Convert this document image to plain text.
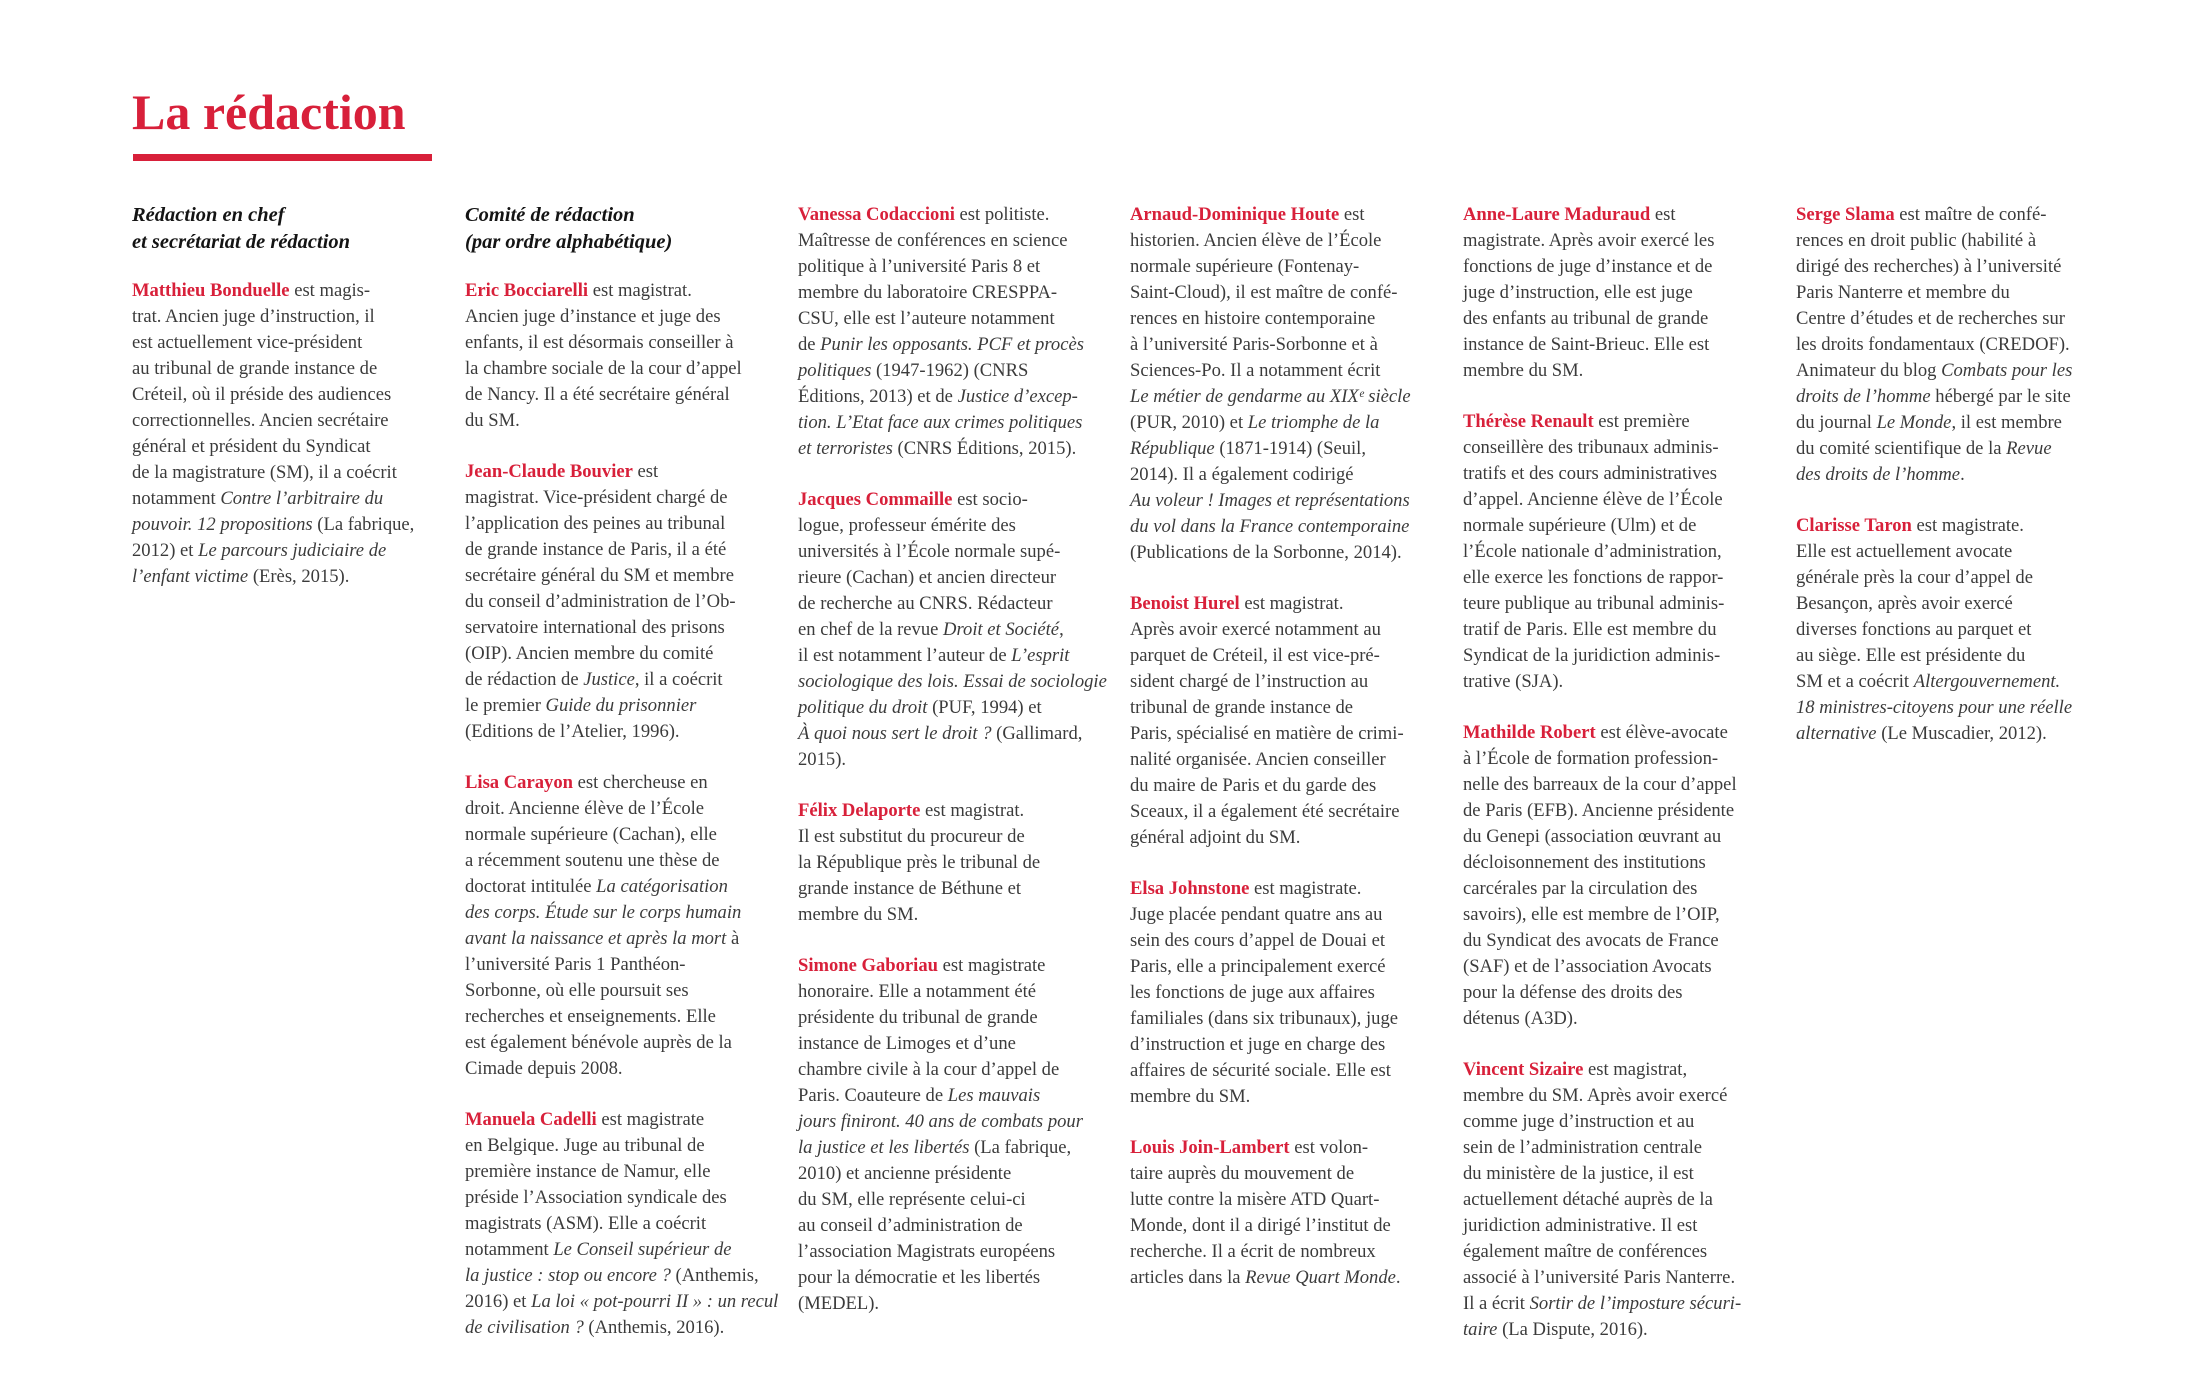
La rédaction
Rédaction en chef
et secrétariat de rédaction

Matthieu Bonduelle est magis-
trat. Ancien juge d’instruction, il
est actuellement vice-président
au tribunal de grande instance de
Créteil, où il préside des audiences
correctionnelles. Ancien secrétaire
général et président du Syndicat
de la magistrature (SM), il a coécrit
notamment Contre l’arbitraire du
pouvoir. 12 propositions (La fabrique,
2012) et Le parcours judiciaire de
l’enfant victime (Erès, 2015).

Comité de rédaction
(par ordre alphabétique)

Eric Bocciarelli est magistrat.
Ancien juge d’instance et juge des
enfants, il est désormais conseiller à
la chambre sociale de la cour d’appel
de Nancy. Il a été secrétaire général
du SM.

Jean-Claude Bouvier est
magistrat. Vice-président chargé de
l’application des peines au tribunal
de grande instance de Paris, il a été
secrétaire général du SM et membre
du conseil d’administration de l’Ob-
servatoire international des prisons
(OIP). Ancien membre du comité
de rédaction de Justice, il a coécrit
le premier Guide du prisonnier
(Editions de l’Atelier, 1996).

Lisa Carayon est chercheuse en
droit. Ancienne élève de l’École
normale supérieure (Cachan), elle
a récemment soutenu une thèse de
doctorat intitulée La catégorisation
des corps. Étude sur le corps humain
avant la naissance et après la mort à
l’université Paris 1 Panthéon-
Sorbonne, où elle poursuit ses
recherches et enseignements. Elle
est également bénévole auprès de la
Cimade depuis 2008.

Manuela Cadelli est magistrate
en Belgique. Juge au tribunal de
première instance de Namur, elle
préside l’Association syndicale des
magistrats (ASM). Elle a coécrit
notamment Le Conseil supérieur de
la justice : stop ou encore ? (Anthemis,
2016) et La loi « pot-pourri II » : un recul
de civilisation ? (Anthemis, 2016).

Vanessa Codaccioni est politiste.
Maîtresse de conférences en science
politique à l’université Paris 8 et
membre du laboratoire CRESPPA-
CSU, elle est l’auteure notamment
de Punir les opposants. PCF et procès
politiques (1947-1962) (CNRS
Éditions, 2013) et de Justice d’excep-
tion. L’Etat face aux crimes politiques
et terroristes (CNRS Éditions, 2015).

Jacques Commaille est socio-
logue, professeur émérite des
universités à l’École normale supé-
rieure (Cachan) et ancien directeur
de recherche au CNRS. Rédacteur
en chef de la revue Droit et Société,
il est notamment l’auteur de L’esprit
sociologique des lois. Essai de sociologie
politique du droit (PUF, 1994) et
À quoi nous sert le droit ? (Gallimard,
2015).

Félix Delaporte est magistrat.
Il est substitut du procureur de
la République près le tribunal de
grande instance de Béthune et
membre du SM.

Simone Gaboriau est magistrate
honoraire. Elle a notamment été
présidente du tribunal de grande
instance de Limoges et d’une
chambre civile à la cour d’appel de
Paris. Coauteure de Les mauvais
jours finiront. 40 ans de combats pour
la justice et les libertés (La fabrique,
2010) et ancienne présidente
du SM, elle représente celui-ci
au conseil d’administration de
l’association Magistrats européens
pour la démocratie et les libertés
(MEDEL).

Arnaud-Dominique Houte est
historien. Ancien élève de l’École
normale supérieure (Fontenay-
Saint-Cloud), il est maître de confé-
rences en histoire contemporaine
à l’université Paris-Sorbonne et à
Sciences-Po. Il a notamment écrit
Le métier de gendarme au XIXᵉ siècle
(PUR, 2010) et Le triomphe de la
République (1871-1914) (Seuil,
2014). Il a également codirigé
Au voleur ! Images et représentations
du vol dans la France contemporaine
(Publications de la Sorbonne, 2014).

Benoist Hurel est magistrat.
Après avoir exercé notamment au
parquet de Créteil, il est vice-pré-
sident chargé de l’instruction au
tribunal de grande instance de
Paris, spécialisé en matière de crimi-
nalité organisée. Ancien conseiller
du maire de Paris et du garde des
Sceaux, il a également été secrétaire
général adjoint du SM.

Elsa Johnstone est magistrate.
Juge placée pendant quatre ans au
sein des cours d’appel de Douai et
Paris, elle a principalement exercé
les fonctions de juge aux affaires
familiales (dans six tribunaux), juge
d’instruction et juge en charge des
affaires de sécurité sociale. Elle est
membre du SM.

Louis Join-Lambert est volon-
taire auprès du mouvement de
lutte contre la misère ATD Quart-
Monde, dont il a dirigé l’institut de
recherche. Il a écrit de nombreux
articles dans la Revue Quart Monde.

Anne-Laure Maduraud est
magistrate. Après avoir exercé les
fonctions de juge d’instance et de
juge d’instruction, elle est juge
des enfants au tribunal de grande
instance de Saint-Brieuc. Elle est
membre du SM.

Thérèse Renault est première
conseillère des tribunaux adminis-
tratifs et des cours administratives
d’appel. Ancienne élève de l’École
normale supérieure (Ulm) et de
l’École nationale d’administration,
elle exerce les fonctions de rappor-
teure publique au tribunal adminis-
tratif de Paris. Elle est membre du
Syndicat de la juridiction adminis-
trative (SJA).

Mathilde Robert est élève-avocate
à l’École de formation profession-
nelle des barreaux de la cour d’appel
de Paris (EFB). Ancienne présidente
du Genepi (association œuvrant au
décloisonnement des institutions
carcérales par la circulation des
savoirs), elle est membre de l’OIP,
du Syndicat des avocats de France
(SAF) et de l’association Avocats
pour la défense des droits des
détenus (A3D).

Vincent Sizaire est magistrat,
membre du SM. Après avoir exercé
comme juge d’instruction et au
sein de l’administration centrale
du ministère de la justice, il est
actuellement détaché auprès de la
juridiction administrative. Il est
également maître de conférences
associé à l’université Paris Nanterre.
Il a écrit Sortir de l’imposture sécuri-
taire (La Dispute, 2016).

Serge Slama est maître de confé-
rences en droit public (habilité à
dirigé des recherches) à l’université
Paris Nanterre et membre du
Centre d’études et de recherches sur
les droits fondamentaux (CREDOF).
Animateur du blog Combats pour les
droits de l’homme hébergé par le site
du journal Le Monde, il est membre
du comité scientifique de la Revue
des droits de l’homme.

Clarisse Taron est magistrate.
Elle est actuellement avocate
générale près la cour d’appel de
Besançon, après avoir exercé
diverses fonctions au parquet et
au siège. Elle est présidente du
SM et a coécrit Altergouvernement.
18 ministres-citoyens pour une réelle
alternative (Le Muscadier, 2012).
